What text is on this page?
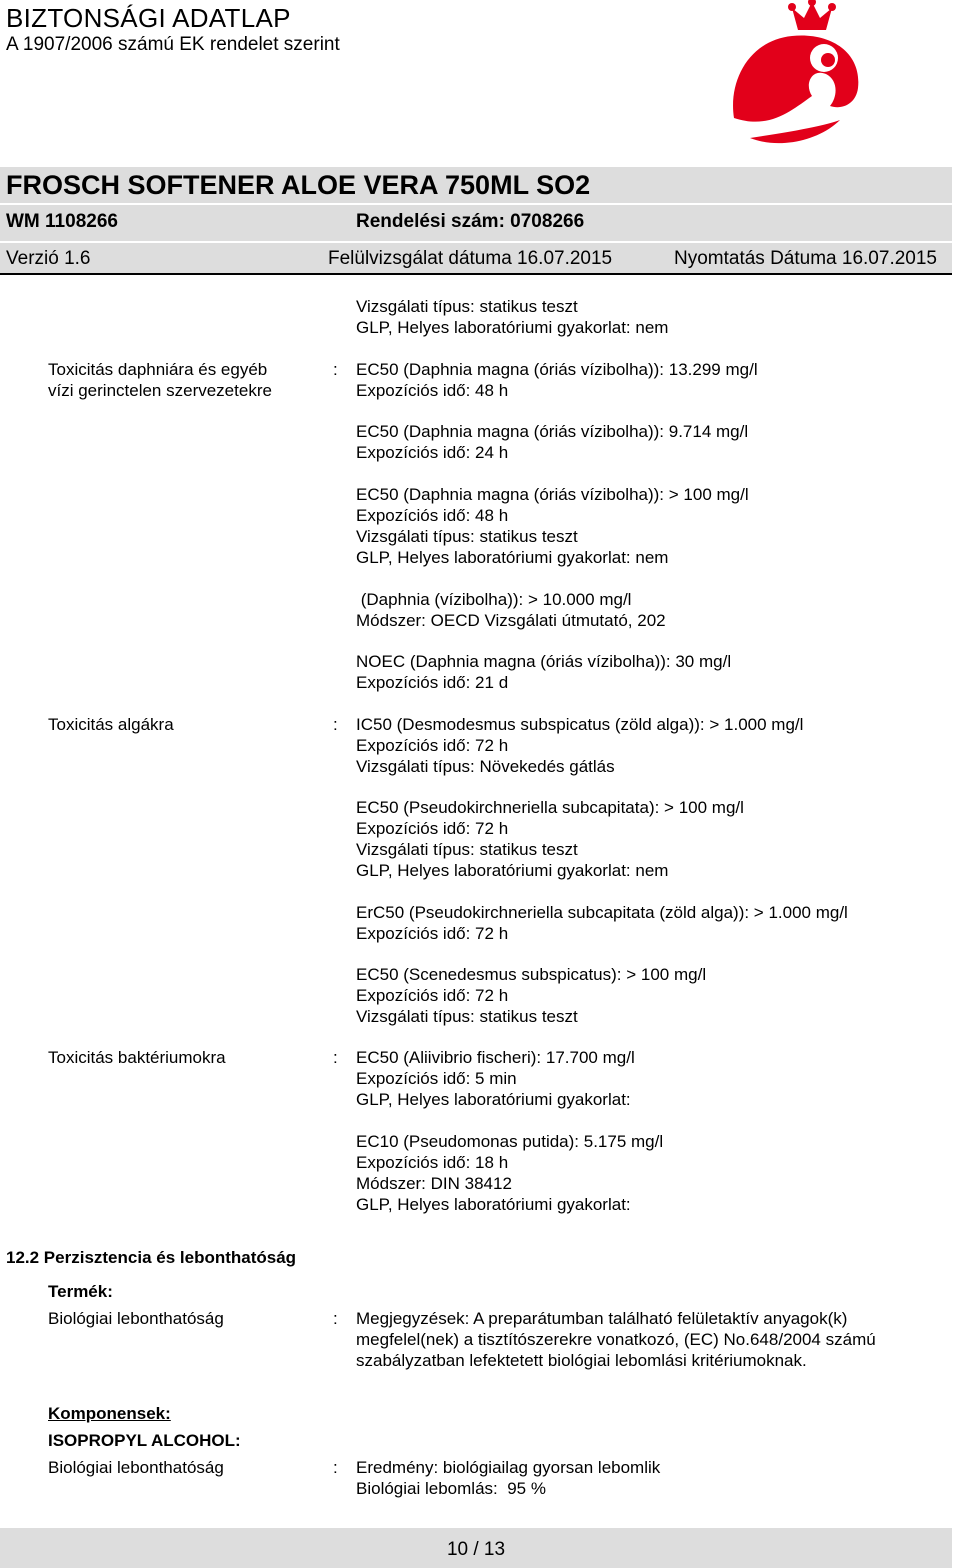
BIZTONSÁGI ADATLAP
A 1907/2006 számú EK rendelet szerint
FROSCH SOFTENER ALOE VERA 750ML SO2
WM 1108266	Rendelési szám: 0708266
Verzió 1.6	Felülvizsgálat dátuma 16.07.2015	Nyomtatás Dátuma 16.07.2015
Vizsgálati típus: statikus teszt
GLP, Helyes laboratóriumi gyakorlat: nem
Toxicitás daphniára és egyéb
vízi gerinctelen szervezetekre
: EC50 (Daphnia magna (óriás vízibolha)): 13.299 mg/l
Expozíciós idő: 48 h
EC50 (Daphnia magna (óriás vízibolha)): 9.714 mg/l
Expozíciós idő: 24 h
EC50 (Daphnia magna (óriás vízibolha)): > 100 mg/l
Expozíciós idő: 48 h
Vizsgálati típus: statikus teszt
GLP, Helyes laboratóriumi gyakorlat: nem
(Daphnia (vízibolha)): > 10.000 mg/l
Módszer: OECD Vizsgálati útmutató, 202
NOEC (Daphnia magna (óriás vízibolha)): 30 mg/l
Expozíciós idő: 21 d
Toxicitás algákra	: IC50 (Desmodesmus subspicatus (zöld alga)): > 1.000 mg/l
Expozíciós idő: 72 h
Vizsgálati típus: Növekedés gátlás
EC50 (Pseudokirchneriella subcapitata): > 100 mg/l
Expozíciós idő: 72 h
Vizsgálati típus: statikus teszt
GLP, Helyes laboratóriumi gyakorlat: nem
ErC50 (Pseudokirchneriella subcapitata (zöld alga)): > 1.000 mg/l
Expozíciós idő: 72 h
EC50 (Scenedesmus subspicatus): > 100 mg/l
Expozíciós idő: 72 h
Vizsgálati típus: statikus teszt
Toxicitás baktériumokra	: EC50 (Aliivibrio fischeri): 17.700 mg/l
Expozíciós idő: 5 min
GLP, Helyes laboratóriumi gyakorlat:
EC10 (Pseudomonas putida): 5.175 mg/l
Expozíciós idő: 18 h
Módszer: DIN 38412
GLP, Helyes laboratóriumi gyakorlat:
12.2 Perzisztencia és lebonthatóság
Termék:
Biológiai lebonthatóság	: Megjegyzések: A preparátumban található felületaktív anyagok(k)
megfelel(nek) a tisztítószerekre vonatkozó, (EC) No.648/2004 számú
szabályzatban lefektetett biológiai lebomlási kritériumoknak.
Komponensek:
ISOPROPYL ALCOHOL:
Biológiai lebonthatóság	: Eredmény: biológiailag gyorsan lebomlik
Biológiai lebomlás:  95 %
10 / 13
